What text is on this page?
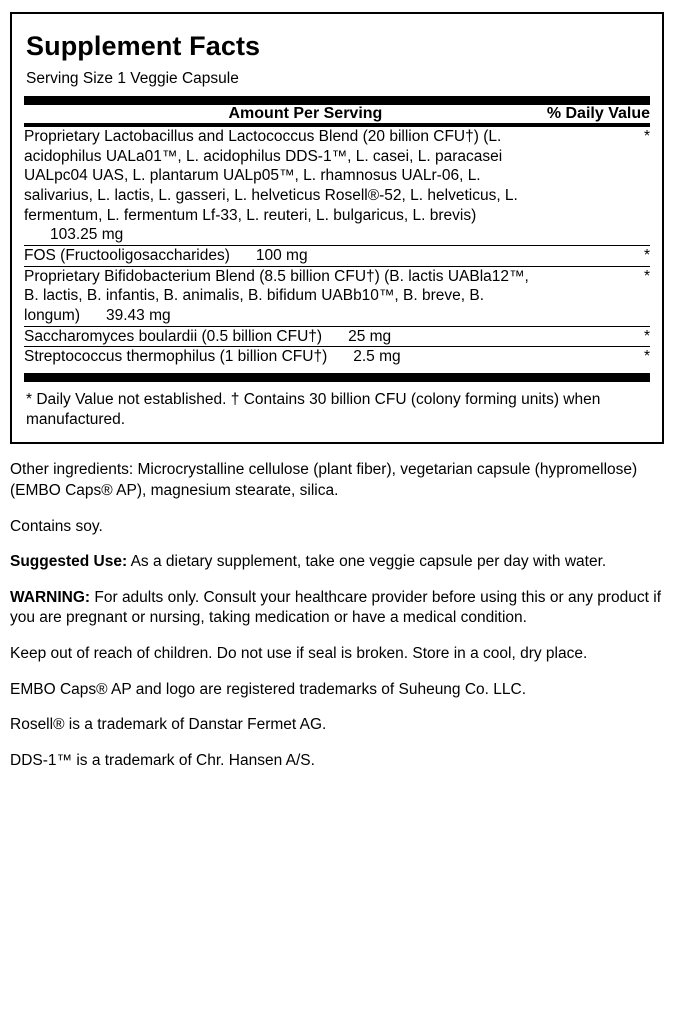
Supplement Facts
Serving Size 1 Veggie Capsule
Amount Per Serving	% Daily Value

Proprietary Lactobacillus and Lactococcus Blend (20 billion CFU†) (L. acidophilus UALa01™, L. acidophilus DDS-1™, L. casei, L. paracasei UALpc04 UAS, L. plantarum UALp05™, L. rhamnosus UALr-06, L. salivarius, L. lactis, L. gasseri, L. helveticus Rosell®-52, L. helveticus, L. fermentum, L. fermentum Lf-33, L. reuteri, L. bulgaricus, L. brevis)103.25 mg	*

FOS (Fructooligosaccharides) 100 mg	*

Proprietary Bifidobacterium Blend (8.5 billion CFU†) (B. lactis UABla12™, B. lactis, B. infantis, B. animalis, B. bifidum UABb10™, B. breve, B. longum) 39.43 mg	*

Saccharomyces boulardii (0.5 billion CFU†) 25 mg	*

Streptococcus thermophilus (1 billion CFU†) 2.5 mg	*
* Daily Value not established. † Contains 30 billion CFU (colony forming units) when manufactured.

Other ingredients: Microcrystalline cellulose (plant fiber), vegetarian capsule (hypromellose) (EMBO Caps® AP), magnesium stearate, silica.

Contains soy.

Suggested Use: As a dietary supplement, take one veggie capsule per day with water.

WARNING: For adults only. Consult your healthcare provider before using this or any product if you are pregnant or nursing, taking medication or have a medical condition.

Keep out of reach of children. Do not use if seal is broken. Store in a cool, dry place.

EMBO Caps® AP and logo are registered trademarks of Suheung Co. LLC.

Rosell® is a trademark of Danstar Fermet AG.

DDS-1™ is a trademark of Chr. Hansen A/S.
